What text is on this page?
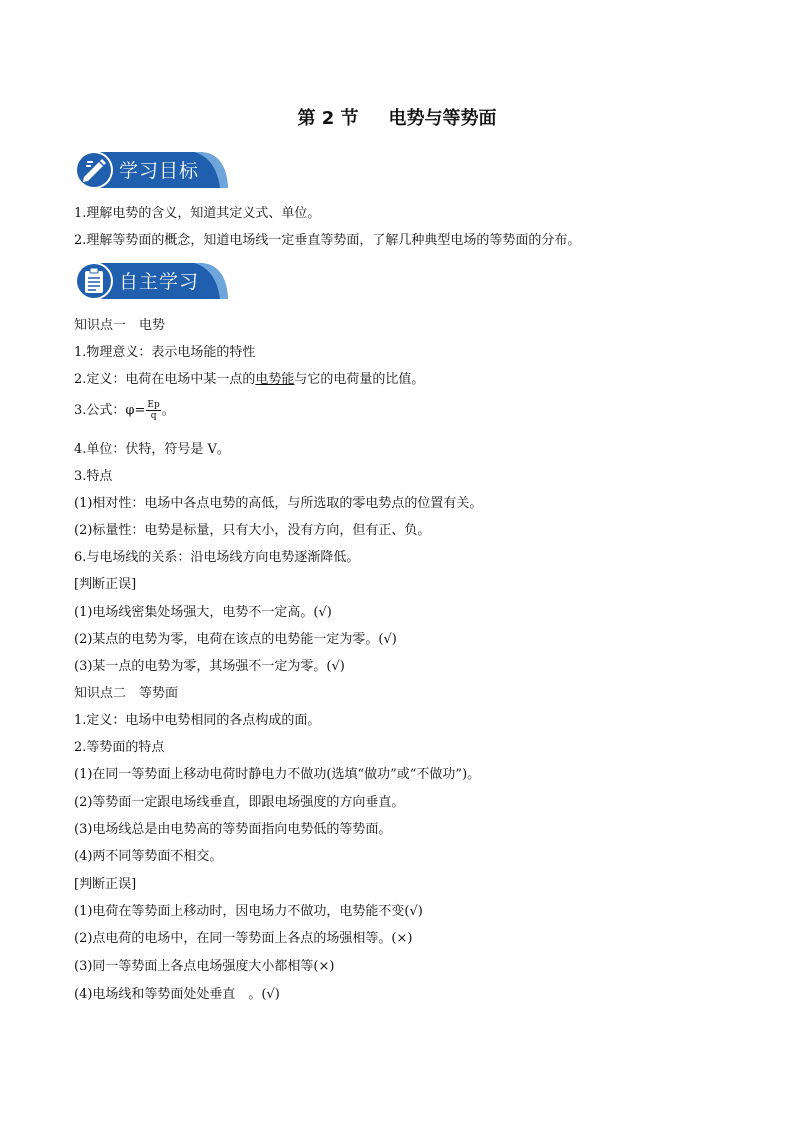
第 2 节 电势与等势面
学习目标
自主学习
1.理解电势的含义，知道其定义式、单位。
2.理解等势面的概念，知道电场线一定垂直等势面，了解几种典型电场的等势面的分布。
知识点一　电势
1.物理意义：表示电场能的特性
2.定义：电荷在电场中某一点的电势能与它的电荷量的比值。
3.公式：$\varphi= \frac{Ep}{q}$ 。
4.单位：伏特，符号是 V。
3.特点
(1)相对性：电场中各点电势的高低，与所选取的零电势点的位置有关。
(2)标量性：电势是标量，只有大小，没有方向，但有正、负。
6.与电场线的关系：沿电场线方向电势逐渐降低。
[判断正误]
(1)电场线密集处场强大，电势不一定高。(√)
(2)某点的电势为零，电荷在该点的电势能一定为零。(√)
(3)某一点的电势为零，其场强不一定为零。(√)
知识点二　等势面
1.定义：电场中电势相同的各点构成的面。
2.等势面的特点
(1)在同一等势面上移动电荷时静电力不做功(选填“做功”或“不做功”)。
(2)等势面一定跟电场线垂直，即跟电场强度的方向垂直。
(3)电场线总是由电势高的等势面指向电势低的等势面。
(4)两不同等势面不相交。
[判断正误]
(1)电荷在等势面上移动时，因电场力不做功，电势能不变(√)
(2)点电荷的电场中，在同一等势面上各点的场强相等。(×)
(3)同一等势面上各点电场强度大小都相等(×)
(4)电场线和等势面处处垂直　。(√)
